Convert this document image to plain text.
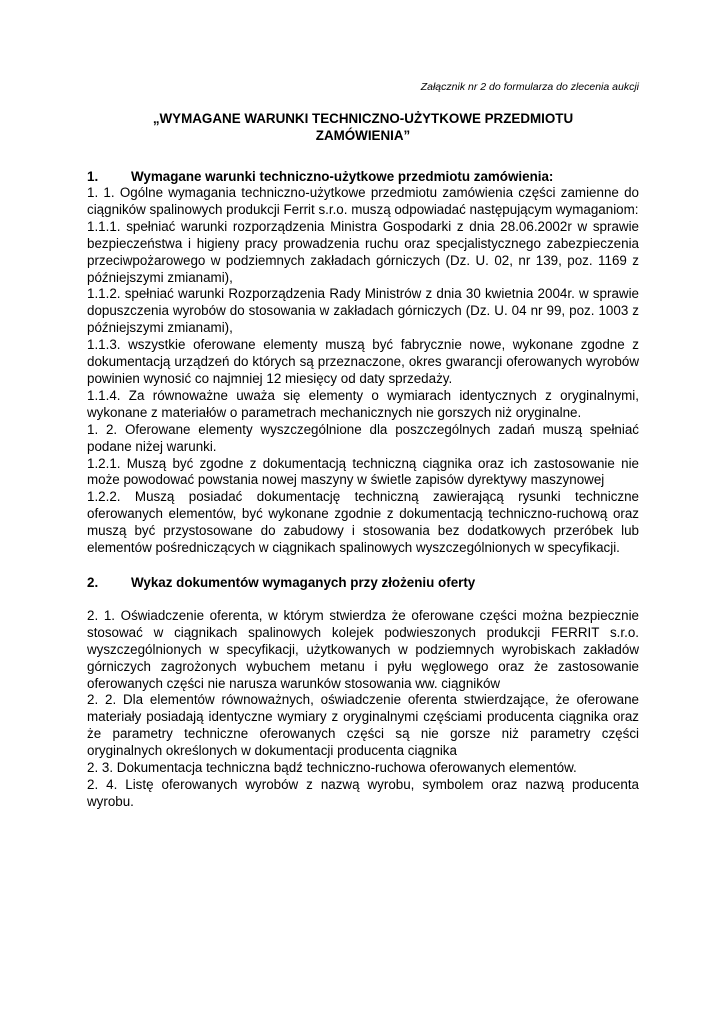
Załącznik nr 2 do formularza do zlecenia aukcji

„WYMAGANE WARUNKI TECHNICZNO-UŻYTKOWE PRZEDMIOTU
ZAMÓWIENIA”
1.	Wymagane warunki techniczno-użytkowe przedmiotu zamówienia:

1. 1. Ogólne wymagania techniczno-użytkowe przedmiotu zamówienia części zamienne do ciągników spalinowych produkcji Ferrit s.r.o. muszą odpowiadać następującym wymaganiom:

1.1.1. spełniać warunki rozporządzenia Ministra Gospodarki z dnia 28.06.2002r w sprawie bezpieczeństwa i higieny pracy prowadzenia ruchu oraz specjalistycznego zabezpieczenia przeciwpożarowego w podziemnych zakładach górniczych (Dz. U. 02, nr 139, poz. 1169 z późniejszymi zmianami),

1.1.2. spełniać warunki Rozporządzenia Rady Ministrów z dnia 30 kwietnia 2004r. w sprawie dopuszczenia wyrobów do stosowania w zakładach górniczych (Dz. U. 04 nr 99, poz. 1003 z późniejszymi zmianami),

1.1.3. wszystkie oferowane elementy muszą być fabrycznie nowe, wykonane zgodne z dokumentacją urządzeń do których są przeznaczone, okres gwarancji oferowanych wyrobów powinien wynosić co najmniej 12 miesięcy od daty sprzedaży.

1.1.4. Za równoważne uważa się elementy o wymiarach identycznych z oryginalnymi, wykonane z materiałów o parametrach mechanicznych nie gorszych niż oryginalne.

1. 2. Oferowane elementy wyszczególnione dla poszczególnych zadań muszą spełniać podane niżej warunki.

1.2.1. Muszą być zgodne z dokumentacją techniczną ciągnika oraz ich zastosowanie nie może powodować powstania nowej maszyny w świetle zapisów dyrektywy maszynowej

1.2.2. Muszą posiadać dokumentację techniczną zawierającą rysunki techniczne oferowanych elementów, być wykonane zgodnie z dokumentacją techniczno-ruchową oraz muszą być przystosowane do zabudowy i stosowania bez dodatkowych przeróbek lub elementów pośredniczących w ciągnikach spalinowych wyszczególnionych w specyfikacji.

2.	Wykaz dokumentów wymaganych przy złożeniu oferty

2. 1. Oświadczenie oferenta, w którym stwierdza że oferowane części można bezpiecznie stosować w ciągnikach spalinowych kolejek podwieszonych produkcji FERRIT s.r.o. wyszczególnionych w specyfikacji, użytkowanych w podziemnych wyrobiskach zakładów górniczych zagrożonych wybuchem metanu i pyłu węglowego oraz że zastosowanie oferowanych części nie narusza warunków stosowania ww. ciągników

2. 2. Dla elementów równoważnych, oświadczenie oferenta stwierdzające, że oferowane materiały posiadają identyczne wymiary z oryginalnymi częściami producenta ciągnika oraz że parametry techniczne oferowanych części są nie gorsze niż parametry części oryginalnych określonych w dokumentacji producenta ciągnika

2. 3. Dokumentacja techniczna bądź techniczno-ruchowa oferowanych elementów.

2. 4. Listę oferowanych wyrobów z nazwą wyrobu, symbolem oraz nazwą producenta wyrobu.
